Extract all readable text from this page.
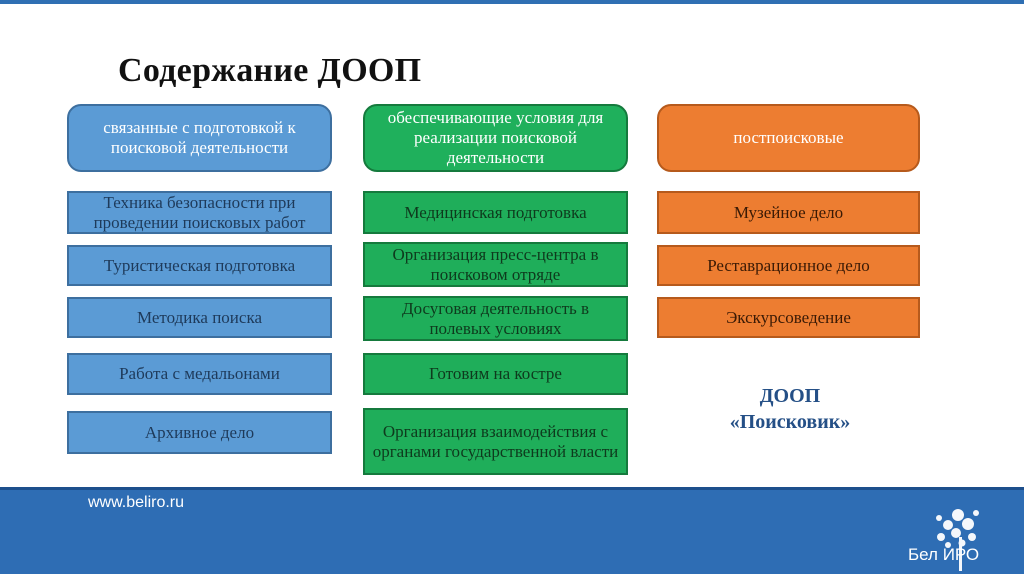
Содержание ДООП
связанные с подготовкой к поисковой деятельности
Техника безопасности при проведении поисковых работ
Туристическая подготовка
Методика поиска
Работа с медальонами
Архивное дело
обеспечивающие условия для реализации поисковой деятельности
Медицинская подготовка
Организация пресс-центра в поисковом отряде
Досуговая деятельность в полевых условиях
Готовим на костре
Организация взаимодействия с органами государственной власти
постпоисковые
Музейное дело
Реставрационное дело
Экскурсоведение
ДООП
«Поисковик»
www.beliro.ru
Бел ИРО
